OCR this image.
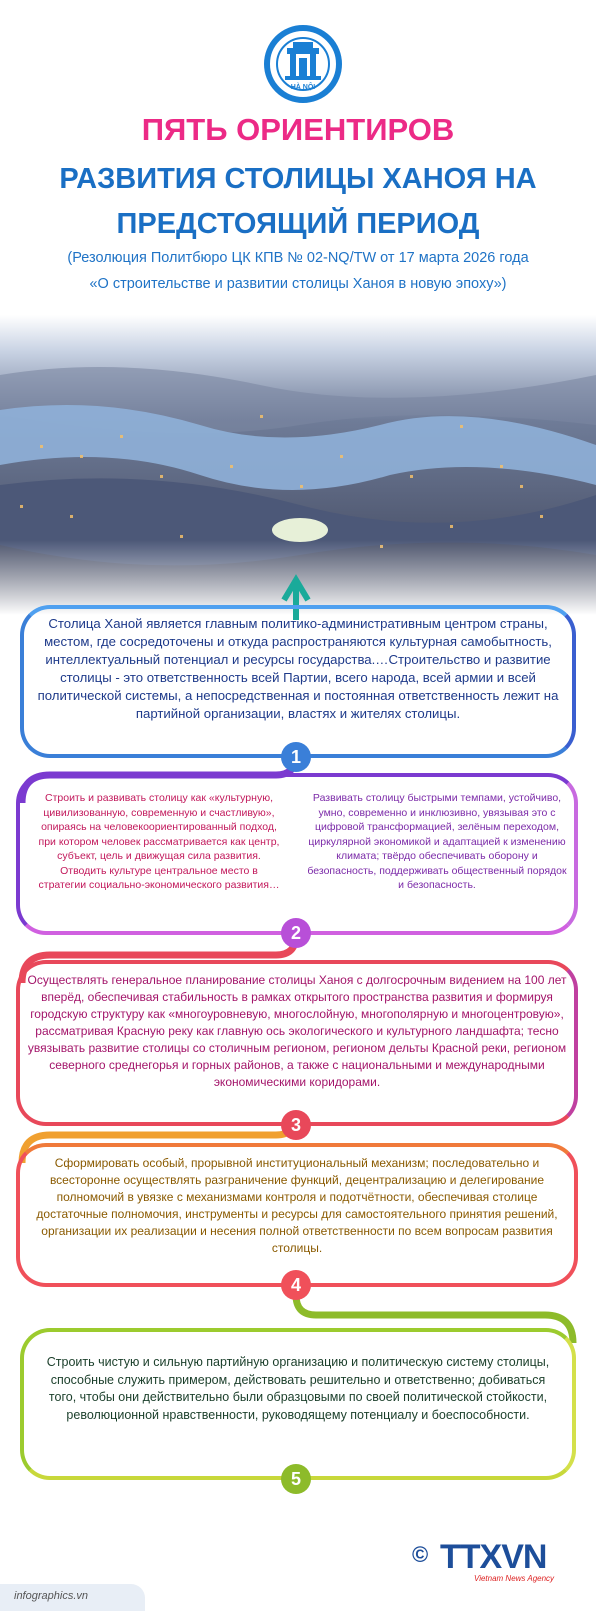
HÀ NỘI
ПЯТЬ ОРИЕНТИРОВ
РАЗВИТИЯ СТОЛИЦЫ ХАНОЯ НА
ПРЕДСТОЯЩИЙ ПЕРИОД
(Резолюция Политбюро ЦК КПВ № 02-NQ/TW от 17 марта 2026 года
«О строительстве и развитии столицы Ханоя в новую эпоху»)
Столица Ханой является главным политико-административным центром страны, местом, где сосредоточены и откуда распространяются культурная самобытность, интеллектуальный потенциал и ресурсы государства.…Строительство и развитие столицы - это ответственность всей Партии, всего народа, всей армии и всей политической системы, а непосредственная и постоянная ответственность лежит на партийной организации, властях и жителях столицы.
1
Строить и развивать столицу как «культурную, цивилизованную, современную и счастливую», опираясь на человекоориентированный подход, при котором человек рассматривается как центр, субъект, цель и движущая сила развития. Отводить культуре центральное место в стратегии социально-экономического развития…
Развивать столицу быстрыми темпами, устойчиво, умно, современно и инклюзивно, увязывая это с цифровой трансформацией, зелёным переходом, циркулярной экономикой и адаптацией к изменению климата; твёрдо обеспечивать оборону и безопасность, поддерживать общественный порядок и безопасность.
2
Осуществлять генеральное планирование столицы Ханоя с долгосрочным видением на 100 лет вперёд, обеспечивая стабильность в рамках открытого пространства развития и формируя городскую структуру как «многоуровневую, многослойную, многополярную и многоцентровую», рассматривая Красную реку как главную ось экологического и культурного ландшафта; тесно увязывать развитие столицы со столичным регионом, регионом дельты Красной реки, регионом северного среднегорья и горных районов, а также с национальными и международными экономическими коридорами.
3
Сформировать особый, прорывной институциональный механизм; последовательно и всесторонне осуществлять разграничение функций, децентрализацию и делегирование полномочий в увязке с механизмами контроля и подотчётности, обеспечивая столице достаточные полномочия, инструменты и ресурсы для самостоятельного принятия решений, организации их реализации и несения полной ответственности по всем вопросам развития столицы.
4
Строить чистую и сильную партийную организацию и политическую систему столицы, способные служить примером, действовать решительно и ответственно; добиваться того, чтобы они действительно были образцовыми по своей политической стойкости, революционной нравственности, руководящему потенциалу и боеспособности.
5
infographics.vn
© TTXVN
Vietnam News Agency
